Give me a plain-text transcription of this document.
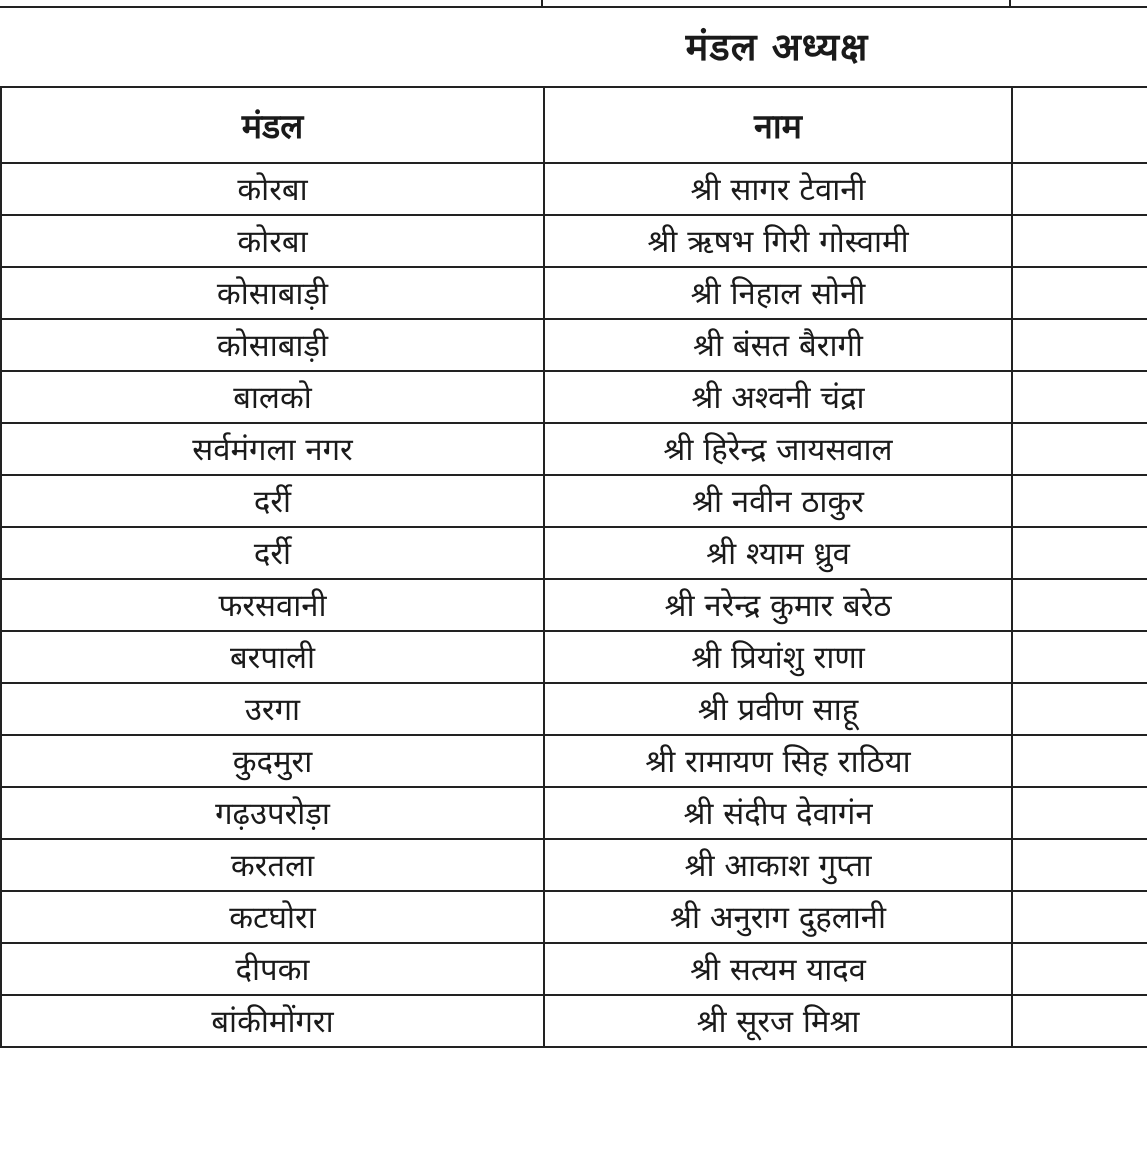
मंडल अध्यक्ष
मंडल	नाम	
कोरबा	श्री सागर टेवानी	
कोरबा	श्री ऋषभ गिरी गोस्वामी	
कोसाबाड़ी	श्री निहाल सोनी	
कोसाबाड़ी	श्री बंसत बैरागी	
बालको	श्री अश्वनी चंद्रा	
सर्वमंगला नगर	श्री हिरेन्द्र जायसवाल	
दर्री	श्री नवीन ठाकुर	
दर्री	श्री श्याम ध्रुव	
फरसवानी	श्री नरेन्द्र कुमार बरेठ	
बरपाली	श्री प्रियांशु राणा	
उरगा	श्री प्रवीण साहू	
कुदमुरा	श्री रामायण सिह राठिया	
गढ़उपरोड़ा	श्री संदीप देवागंन	
करतला	श्री आकाश गुप्ता	
कटघोरा	श्री अनुराग दुहलानी	
दीपका	श्री सत्यम यादव	
बांकीमोंगरा	श्री सूरज मिश्रा	
